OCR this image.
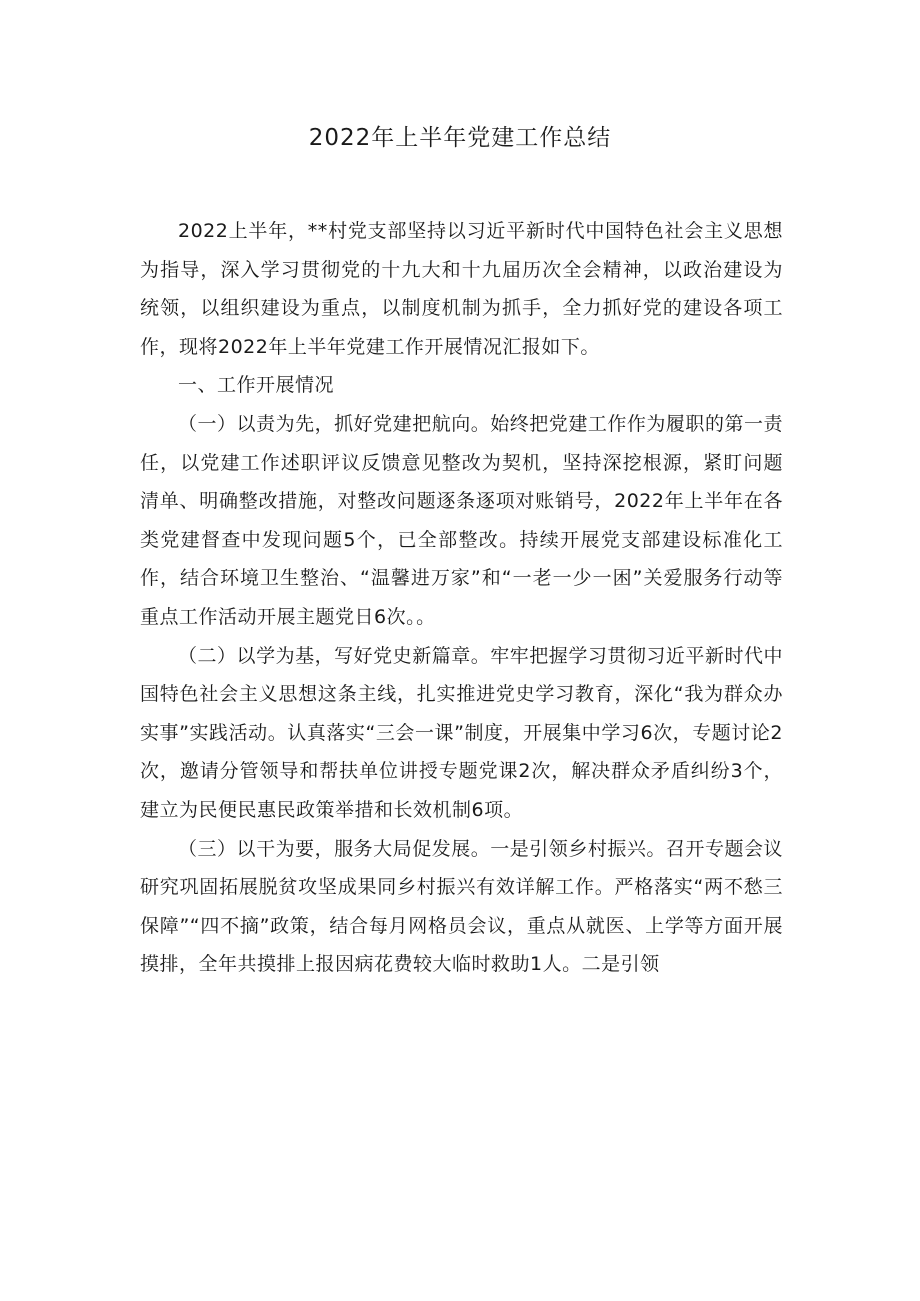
2022年上半年党建工作总结

2022上半年，**村党支部坚持以习近平新时代中国特色社会主义思想为指导，深入学习贯彻党的十九大和十九届历次全会精神，以政治建设为统领，以组织建设为重点，以制度机制为抓手，全力抓好党的建设各项工作，现将2022年上半年党建工作开展情况汇报如下。

一、工作开展情况

（一）以责为先，抓好党建把航向。始终把党建工作作为履职的第一责任，以党建工作述职评议反馈意见整改为契机，坚持深挖根源，紧盯问题清单、明确整改措施，对整改问题逐条逐项对账销号，2022年上半年在各类党建督查中发现问题5个，已全部整改。持续开展党支部建设标准化工作，结合环境卫生整治、“温馨进万家”和“一老一少一困”关爱服务行动等重点工作活动开展主题党日6次。。

（二）以学为基，写好党史新篇章。牢牢把握学习贯彻习近平新时代中国特色社会主义思想这条主线，扎实推进党史学习教育，深化“我为群众办实事”实践活动。认真落实“三会一课”制度，开展集中学习6次，专题讨论2次，邀请分管领导和帮扶单位讲授专题党课2次，解决群众矛盾纠纷3个，建立为民便民惠民政策举措和长效机制6项。

（三）以干为要，服务大局促发展。一是引领乡村振兴。召开专题会议研究巩固拓展脱贫攻坚成果同乡村振兴有效详解工作。严格落实“两不愁三保障”“四不摘”政策，结合每月网格员会议，重点从就医、上学等方面开展摸排，全年共摸排上报因病花费较大临时救助1人。二是引领
